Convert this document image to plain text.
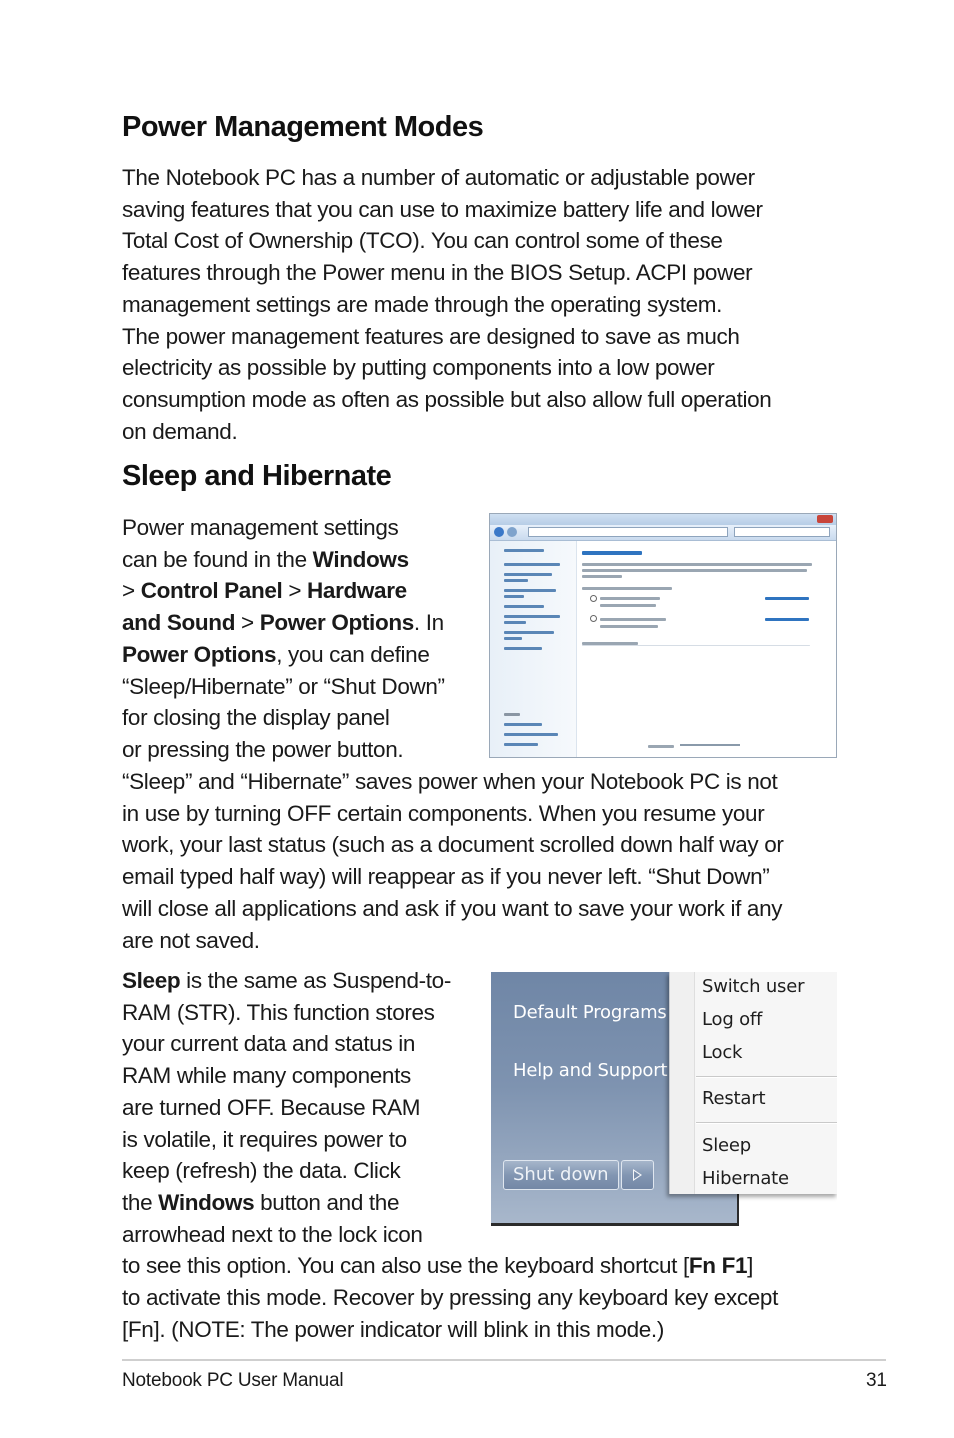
Power Management Modes
The Notebook PC has a number of automatic or adjustable power
saving features that you can use to maximize battery life and lower
Total Cost of Ownership (TCO). You can control some of these
features through the Power menu in the BIOS Setup. ACPI power
management settings are made through the operating system.
The power management features are designed to save as much
electricity as possible by putting components into a low power
consumption mode as often as possible but also allow full operation
on demand.
Sleep and Hibernate
Power management settings
can be found in the Windows
> Control Panel > Hardware
and Sound > Power Options. In
Power Options, you can define
“Sleep/Hibernate” or “Shut Down”
for closing the display panel
or pressing the power button.
“Sleep” and “Hibernate” saves power when your Notebook PC is not
in use by turning OFF certain components. When you resume your
work, your last status (such as a document scrolled down half way or
email typed half way) will reappear as if you never left. “Shut Down”
will close all applications and ask if you want to save your work if any
are not saved.
Sleep is the same as Suspend-to-
RAM (STR). This function stores
your current data and status in
RAM while many components
are turned OFF. Because RAM
is volatile, it requires power to
keep (refresh) the data. Click
the Windows button and the
arrowhead next to the lock icon
to see this option. You can also use the keyboard shortcut [Fn F1]
to activate this mode. Recover by pressing any keyboard key except
[Fn]. (NOTE: The power indicator will blink in this mode.)
Default Programs
Help and Support
Shut down
Switch user
Log off
Lock
Restart
Sleep
Hibernate
Notebook PC User Manual	31
